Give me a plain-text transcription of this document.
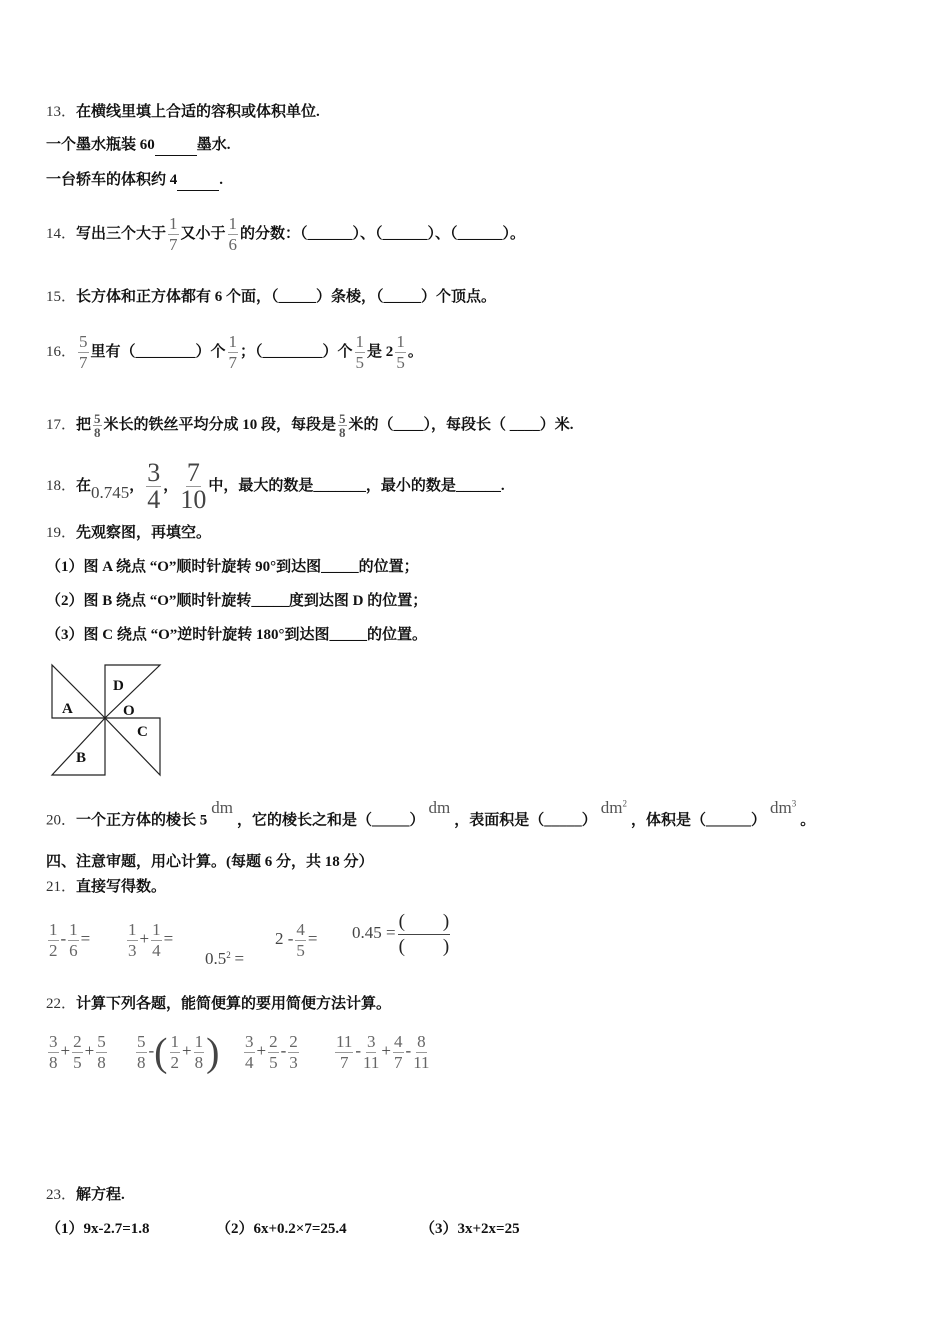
13．在横线里填上合适的容积或体积单位.
一个墨水瓶装 60	墨水.
一台轿车的体积约 4	.
14．写出三个大于 $\frac{1}{7}$ 又小于 $\frac{1}{6}$ 的分数：（______）、（______）、（______）。
15．长方体和正方体都有 6 个面，（_____）条棱，（_____）个顶点。
16． $\frac{5}{7}$ 里有（________）个 $\frac{1}{7}$ ；（________）个 $\frac{1}{5}$ 是 $2 \frac{1}{5}$ 。
17．把 $\frac{5}{8}$ 米长的铁丝平均分成 10 段，每段是 $\frac{5}{8}$ 米的（____），每段长（ ____）米.
18．在0.745， $\frac{3}{4}$ ， $\frac{7}{10}$ 中，最大的数是_______，最小的数是______.
19．先观察图，再填空。
（1）图 A 绕点 “O”顺时针旋转 90°到达图_____的位置；
（2）图 B 绕点 “O”顺时针旋转_____度到达图 D 的位置；
（3）图 C 绕点 “O”逆时针旋转 180°到达图_____的位置。
A
D
O
C
B
20．一个正方体的棱长 5dm，它的棱长之和是（_____）dm，表面积是$(\_\_\_\_\_)dm^2$，体积是$(\_\_\_\_\_\_)dm^3$。
四、注意审题，用心计算。(每题 6 分，共 18 分）
21．直接写得数。
$\frac{1}{2} - \frac{1}{6} = \frac{1}{3} + \frac{1}{4}$ =
$0.5^2$ =
$2 - \frac{4}{5} = 0.45 = \frac{( )}{( )}$
22．计算下列各题，能简便算的要用简便方法计算。
$\frac{3}{8} + \frac{2}{5} + \frac{5}{8} \frac{5}{8}$ -( $\frac{1}{2} + \frac{1}{8}$ ) $\frac{3}{4} + \frac{2}{5} - \frac{2}{3} \frac{11}{7} - \frac{3}{11} + \frac{4}{7} - \frac{8}{11}$
23．解方程.
（1）9x-2.7=1.8	（2）6x+0.2×7=25.4	（3）3x+2x=25
